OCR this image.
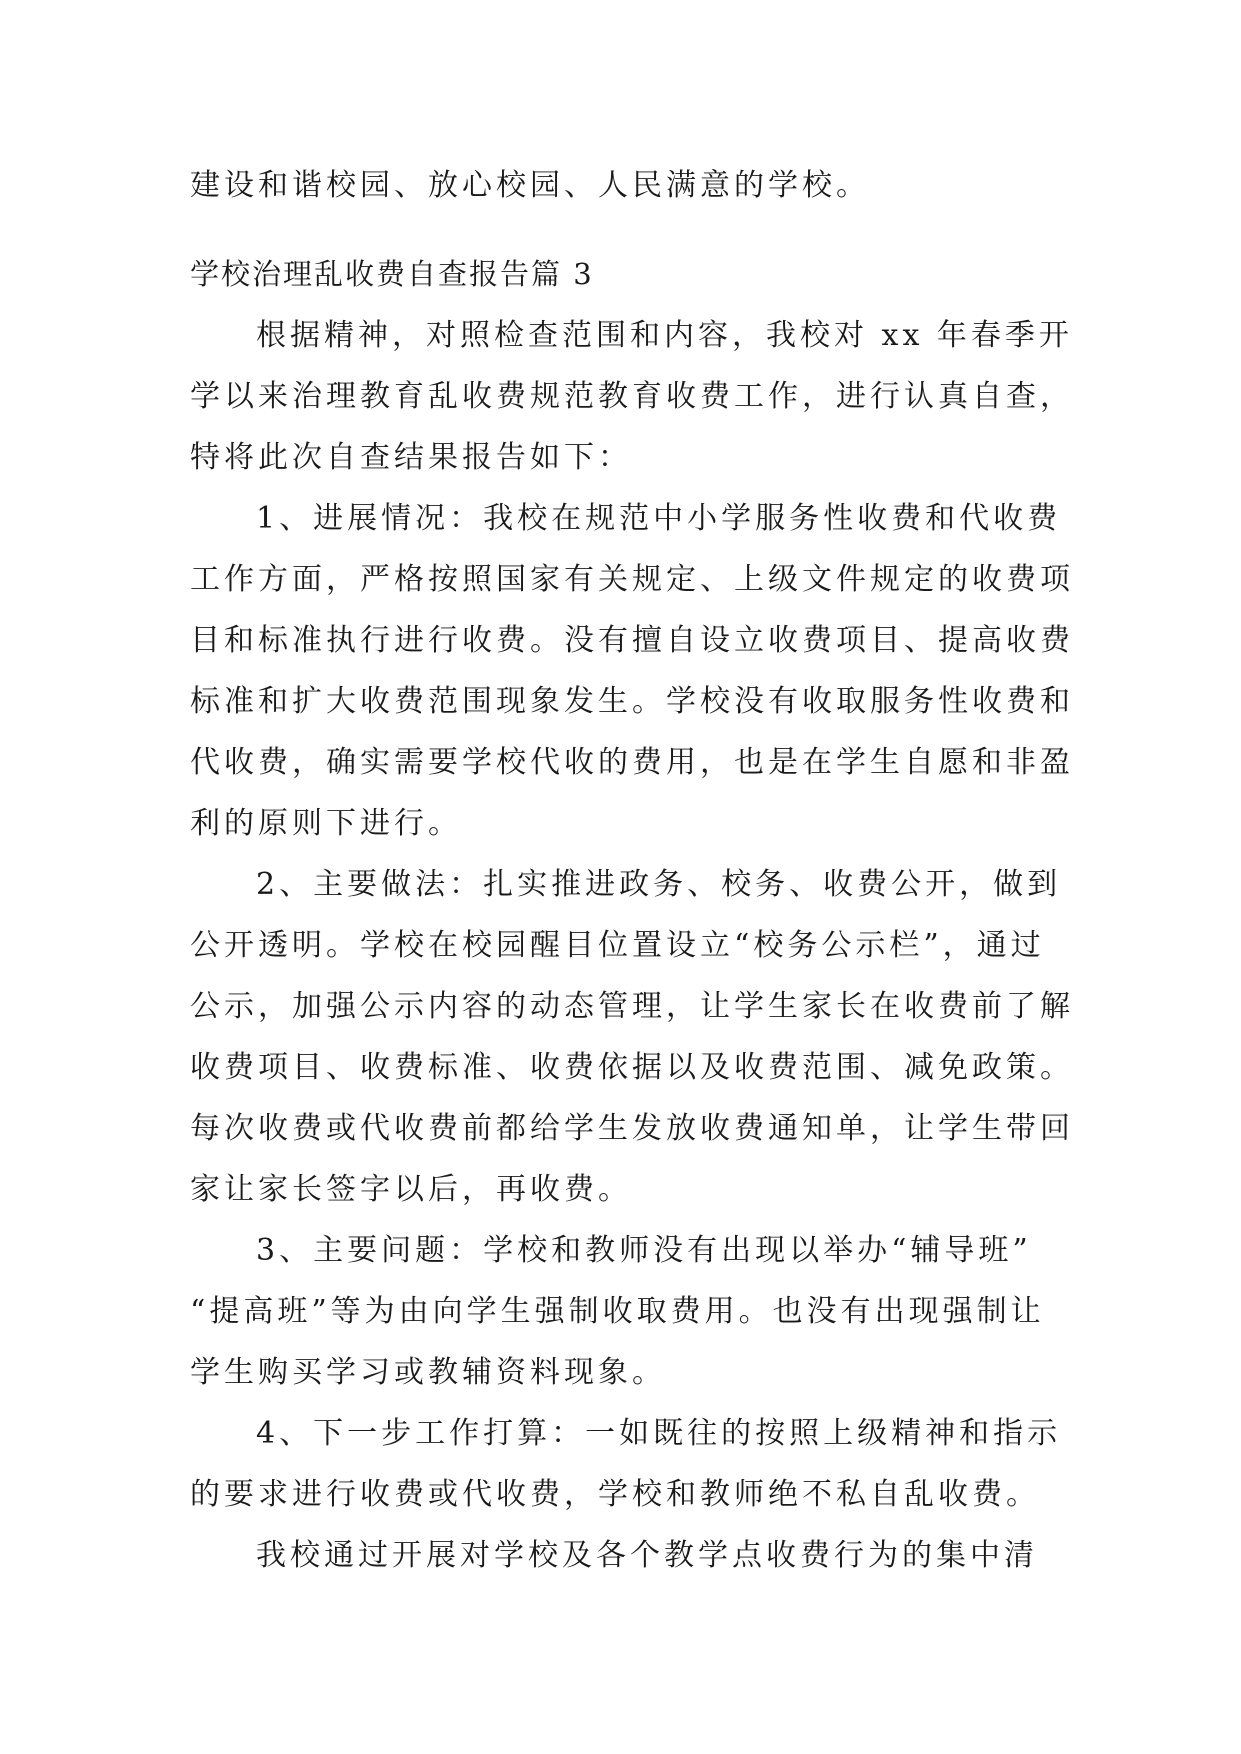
建设和谐校园、放心校园、人民满意的学校。
学校治理乱收费自查报告篇 3

根据精神，对照检查范围和内容，我校对 xx 年春季开
学以来治理教育乱收费规范教育收费工作，进行认真自查，
特将此次自查结果报告如下：

1、进展情况：我校在规范中小学服务性收费和代收费
工作方面，严格按照国家有关规定、上级文件规定的收费项
目和标准执行进行收费。没有擅自设立收费项目、提高收费
标准和扩大收费范围现象发生。学校没有收取服务性收费和
代收费，确实需要学校代收的费用，也是在学生自愿和非盈
利的原则下进行。

2、主要做法：扎实推进政务、校务、收费公开，做到
公开透明。学校在校园醒目位置设立“校务公示栏”，通过
公示，加强公示内容的动态管理，让学生家长在收费前了解
收费项目、收费标准、收费依据以及收费范围、减免政策。
每次收费或代收费前都给学生发放收费通知单，让学生带回
家让家长签字以后，再收费。

3、主要问题：学校和教师没有出现以举办“辅导班”
“提高班”等为由向学生强制收取费用。也没有出现强制让
学生购买学习或教辅资料现象。

4、下一步工作打算：一如既往的按照上级精神和指示
的要求进行收费或代收费，学校和教师绝不私自乱收费。

我校通过开展对学校及各个教学点收费行为的集中清
